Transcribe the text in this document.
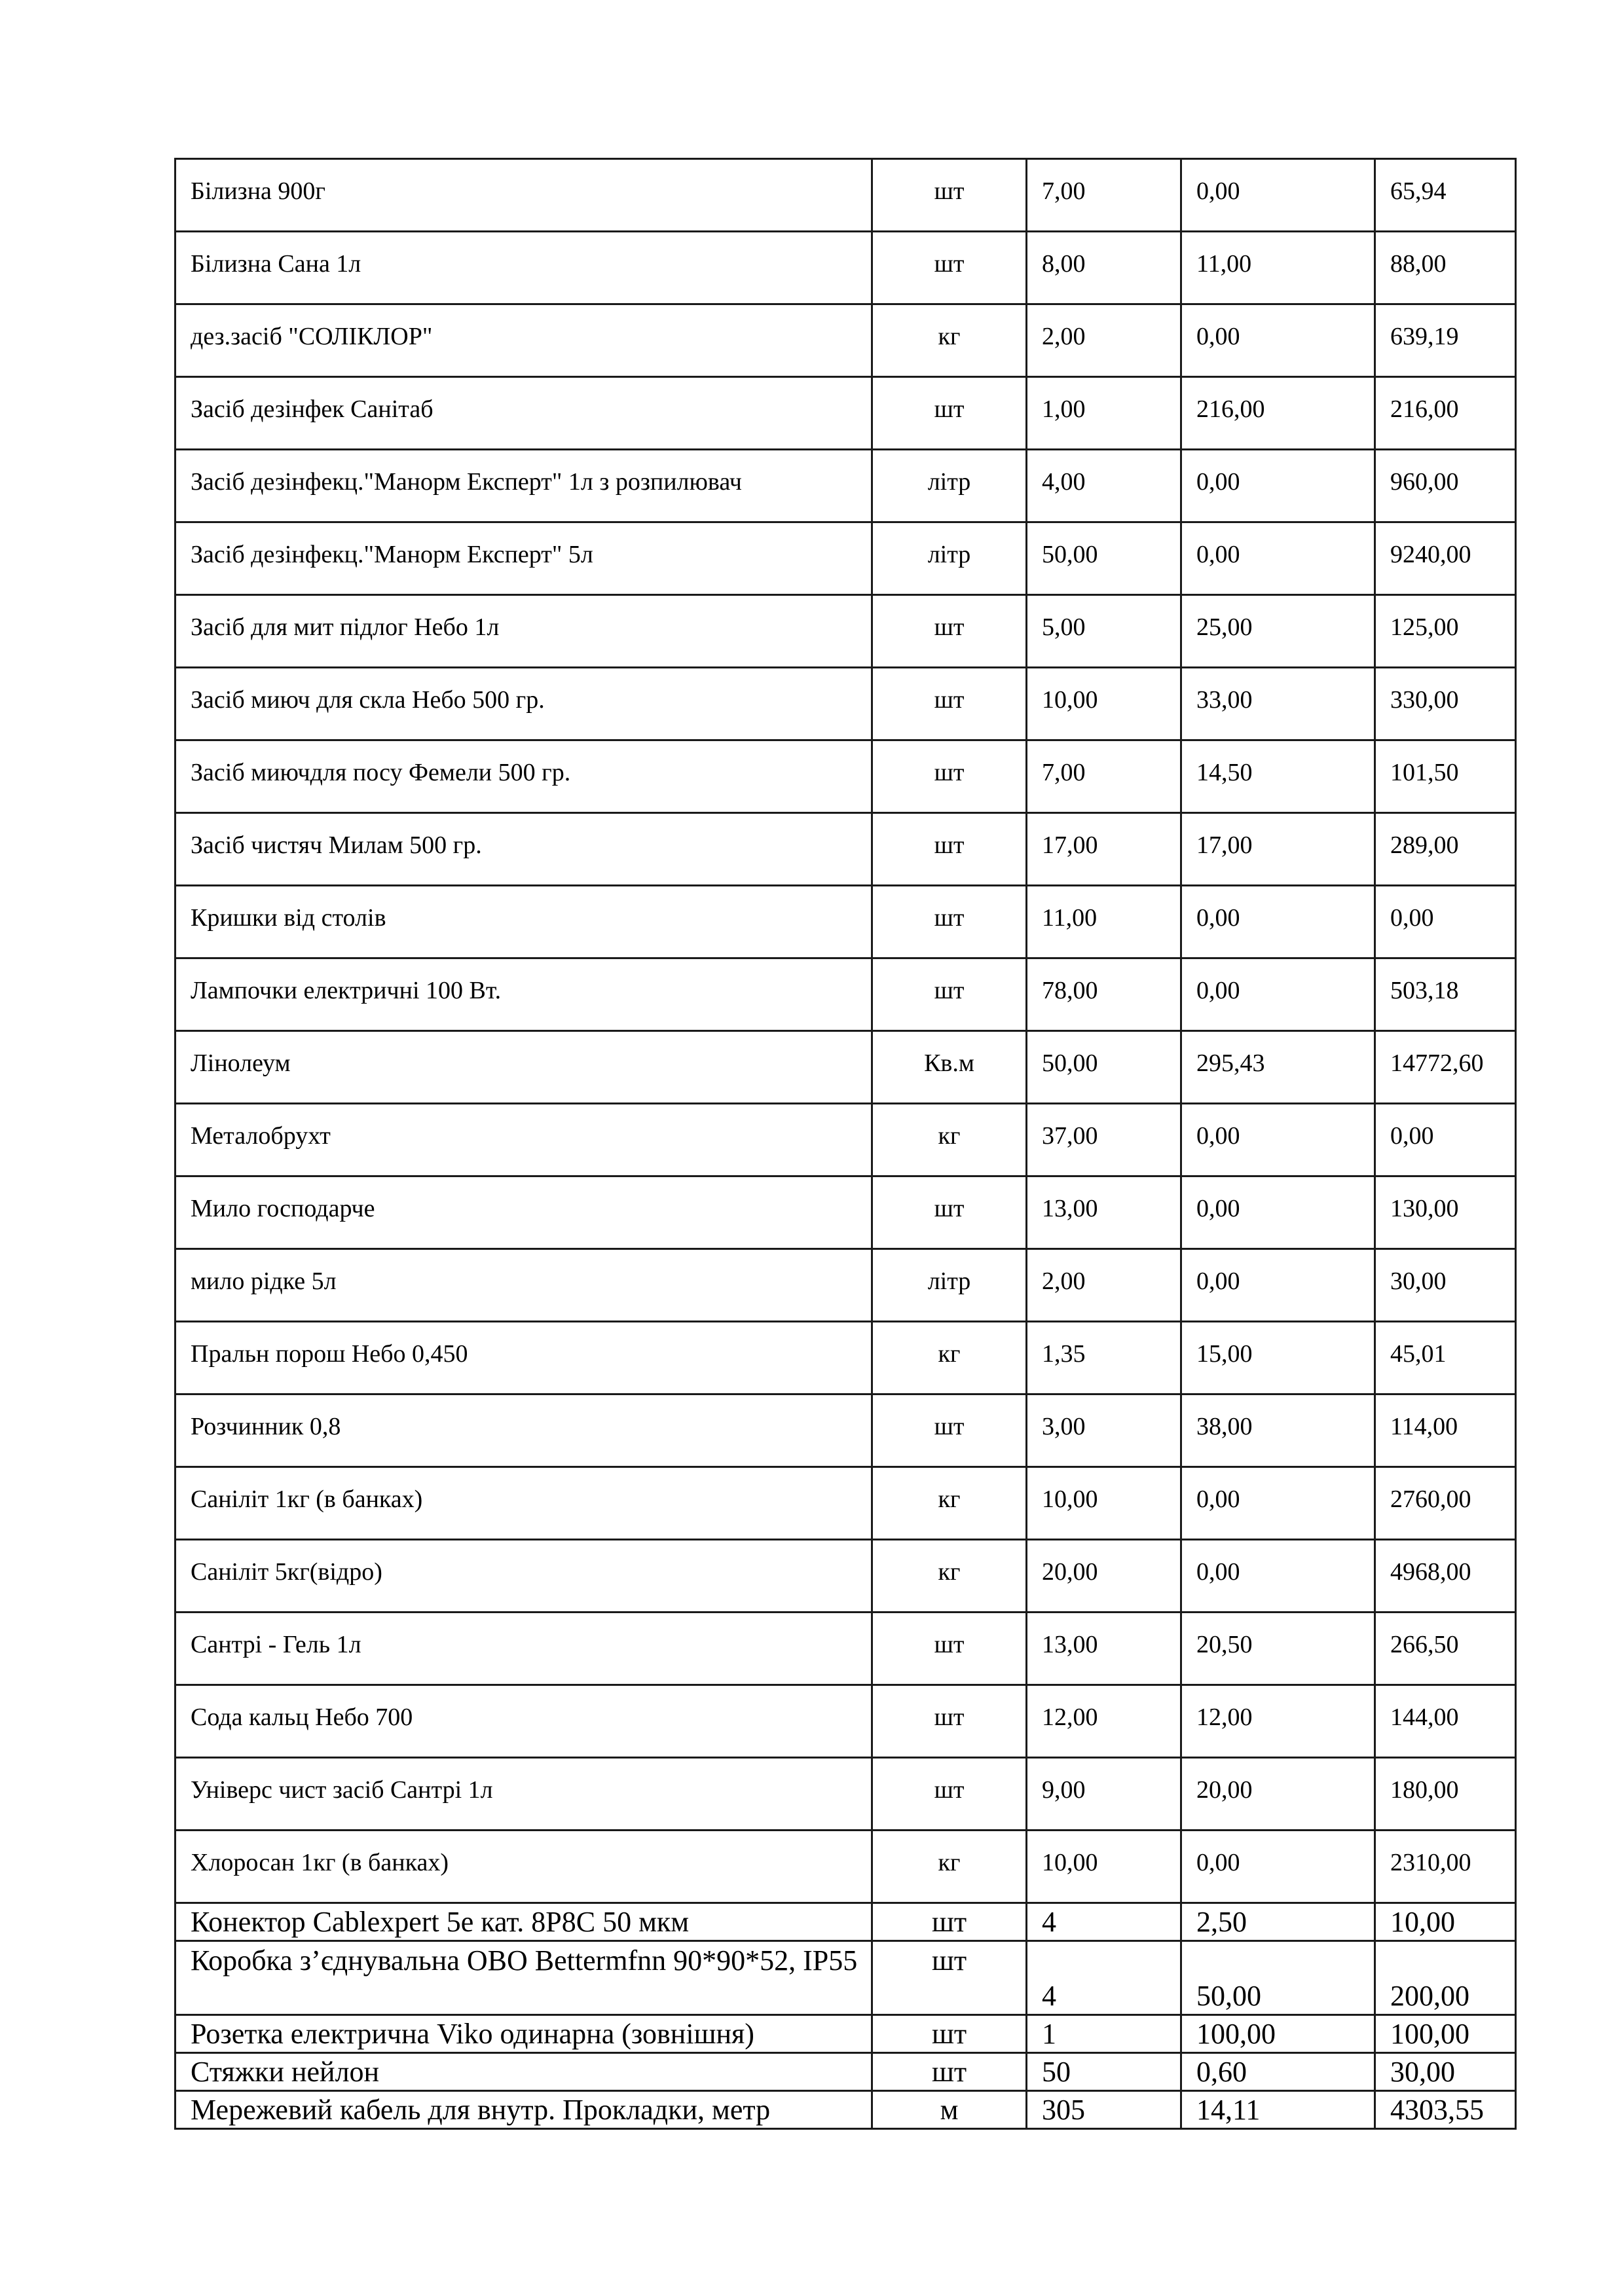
Білизна 900г	шт	7,00	0,00	65,94
Білизна Сана 1л	шт	8,00	11,00	88,00
дез.засіб "СОЛІКЛОР"	кг	2,00	0,00	639,19
Засіб дезінфек Санітаб	шт	1,00	216,00	216,00
Засіб дезінфекц."Манорм Експерт" 1л з розпилювач	літр	4,00	0,00	960,00
Засіб дезінфекц."Манорм Експерт" 5л	літр	50,00	0,00	9240,00
Засіб для мит підлог Небо 1л	шт	5,00	25,00	125,00
Засіб миюч для скла Небо 500 гр.	шт	10,00	33,00	330,00
Засіб миючдля посу Фемели 500 гр.	шт	7,00	14,50	101,50
Засіб чистяч Милам 500 гр.	шт	17,00	17,00	289,00
Кришки від столів	шт	11,00	0,00	0,00
Лампочки електричні 100 Вт.	шт	78,00	0,00	503,18
Лінолеум	Кв.м	50,00	295,43	14772,60
Металобрухт	кг	37,00	0,00	0,00
Мило господарче	шт	13,00	0,00	130,00
мило рідке 5л	літр	2,00	0,00	30,00
Пральн порош Небо 0,450	кг	1,35	15,00	45,01
Розчинник 0,8	шт	3,00	38,00	114,00
Саніліт 1кг (в банках)	кг	10,00	0,00	2760,00
Саніліт 5кг(відро)	кг	20,00	0,00	4968,00
Сантрі - Гель 1л	шт	13,00	20,50	266,50
Сода кальц Небо 700	шт	12,00	12,00	144,00
Універс чист засіб Сантрі 1л	шт	9,00	20,00	180,00
Хлоросан 1кг (в банках)	кг	10,00	0,00	2310,00
Конектор Cablexpert 5е кат. 8P8C 50 мкм	шт	4	2,50	10,00
Коробка з’єднувальна OBO Bettermfnn 90*90*52, IP55	шт	4	50,00	200,00
Розетка електрична Viko одинарна (зовнішня)	шт	1	100,00	100,00
Стяжки нейлон	шт	50	0,60	30,00
Мережевий кабель для внутр. Прокладки, метр	м	305	14,11	4303,55
